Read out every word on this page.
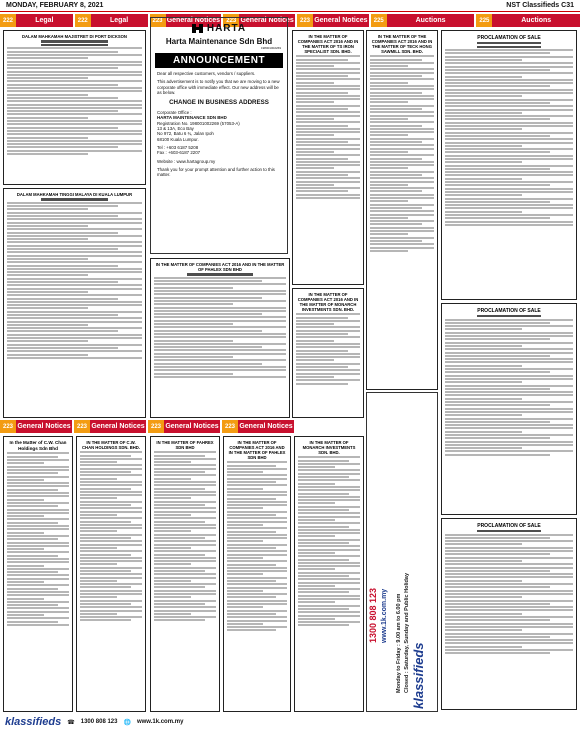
MONDAY, FEBRUARY 8, 2021	NST Classifieds C31
222	Legal	222	Legal	223 General Notices	223 General Notices	223 General Notices	225	Auctions	225	Auctions
DALAM MAHKAMAH MAJISTRET DI PORT DICKSON
DALAM MAHKAMAH TINGGI MALAYA DI KUALA LUMPUR
HARTA
Harta Maintenance Sdn Bhd
198001002269
ANNOUNCEMENT

Dear all respective customers, vendors / suppliers.

This advertisement is to notify you that we are moving to a new corporate office with immediate effect. Our new address will be as below.

CHANGE IN BUSINESS ADDRESS
Corporate Office :
HARTA MAINTENANCE SDN BHD
Registration No. 198001002269 (57053-A)
13 & 13A, Eco Bay
No 972, Batu 6 ¾, Jalan Ipoh
68100 Kuala Lumpur.
Tel : +603 6187 5208
Fax : +603-6187 2207
Website : www.hartagroup.my

Thank you for your prompt attention and further action to this matter.

IN THE MATTER OF COMPANIES ACT 2016 AND IN THE MATTER OF TS IRON SPECIALIST SDN. BHD.
IN THE MATTER OF THE COMPANIES ACT 2016 AND IN THE MATTER OF TECK HONG SAWMILL SDN. BHD.
PROCLAMATION OF SALE
PROCLAMATION OF SALE
PROCLAMATION OF SALE
IN THE MATTER OF COMPANIES ACT 2016 AND IN THE MATTER OF PAHLEX SDN BHD
IN THE MATTER OF COMPANIES ACT 2016 AND IN THE MATTER OF MONARCH INVESTMENTS SDN. BHD.
223 General Notices	223 General Notices	223 General Notices	223 General Notices
In the Matter of C.W. Chan Holdings Sdn Bhd
IN THE MATTER OF C.W. CHAN HOLDINGS SDN. BHD.
IN THE MATTER OF FAHREX SDN BHD
IN THE MATTER OF COMPANIES ACT 2016 AND IN THE MATTER OF PAHLEX SDN BHD
IN THE MATTER OF MONARCH INVESTMENTS SDN. BHD.
1300 808 123 www.1k.com.my Monday to Friday : 9.00 am to 6.00 pm Closed : Saturday, Sunday and Public Holiday klassifieds
klassifieds ☎ 1300 808 123 🌐 www.1k.com.my
